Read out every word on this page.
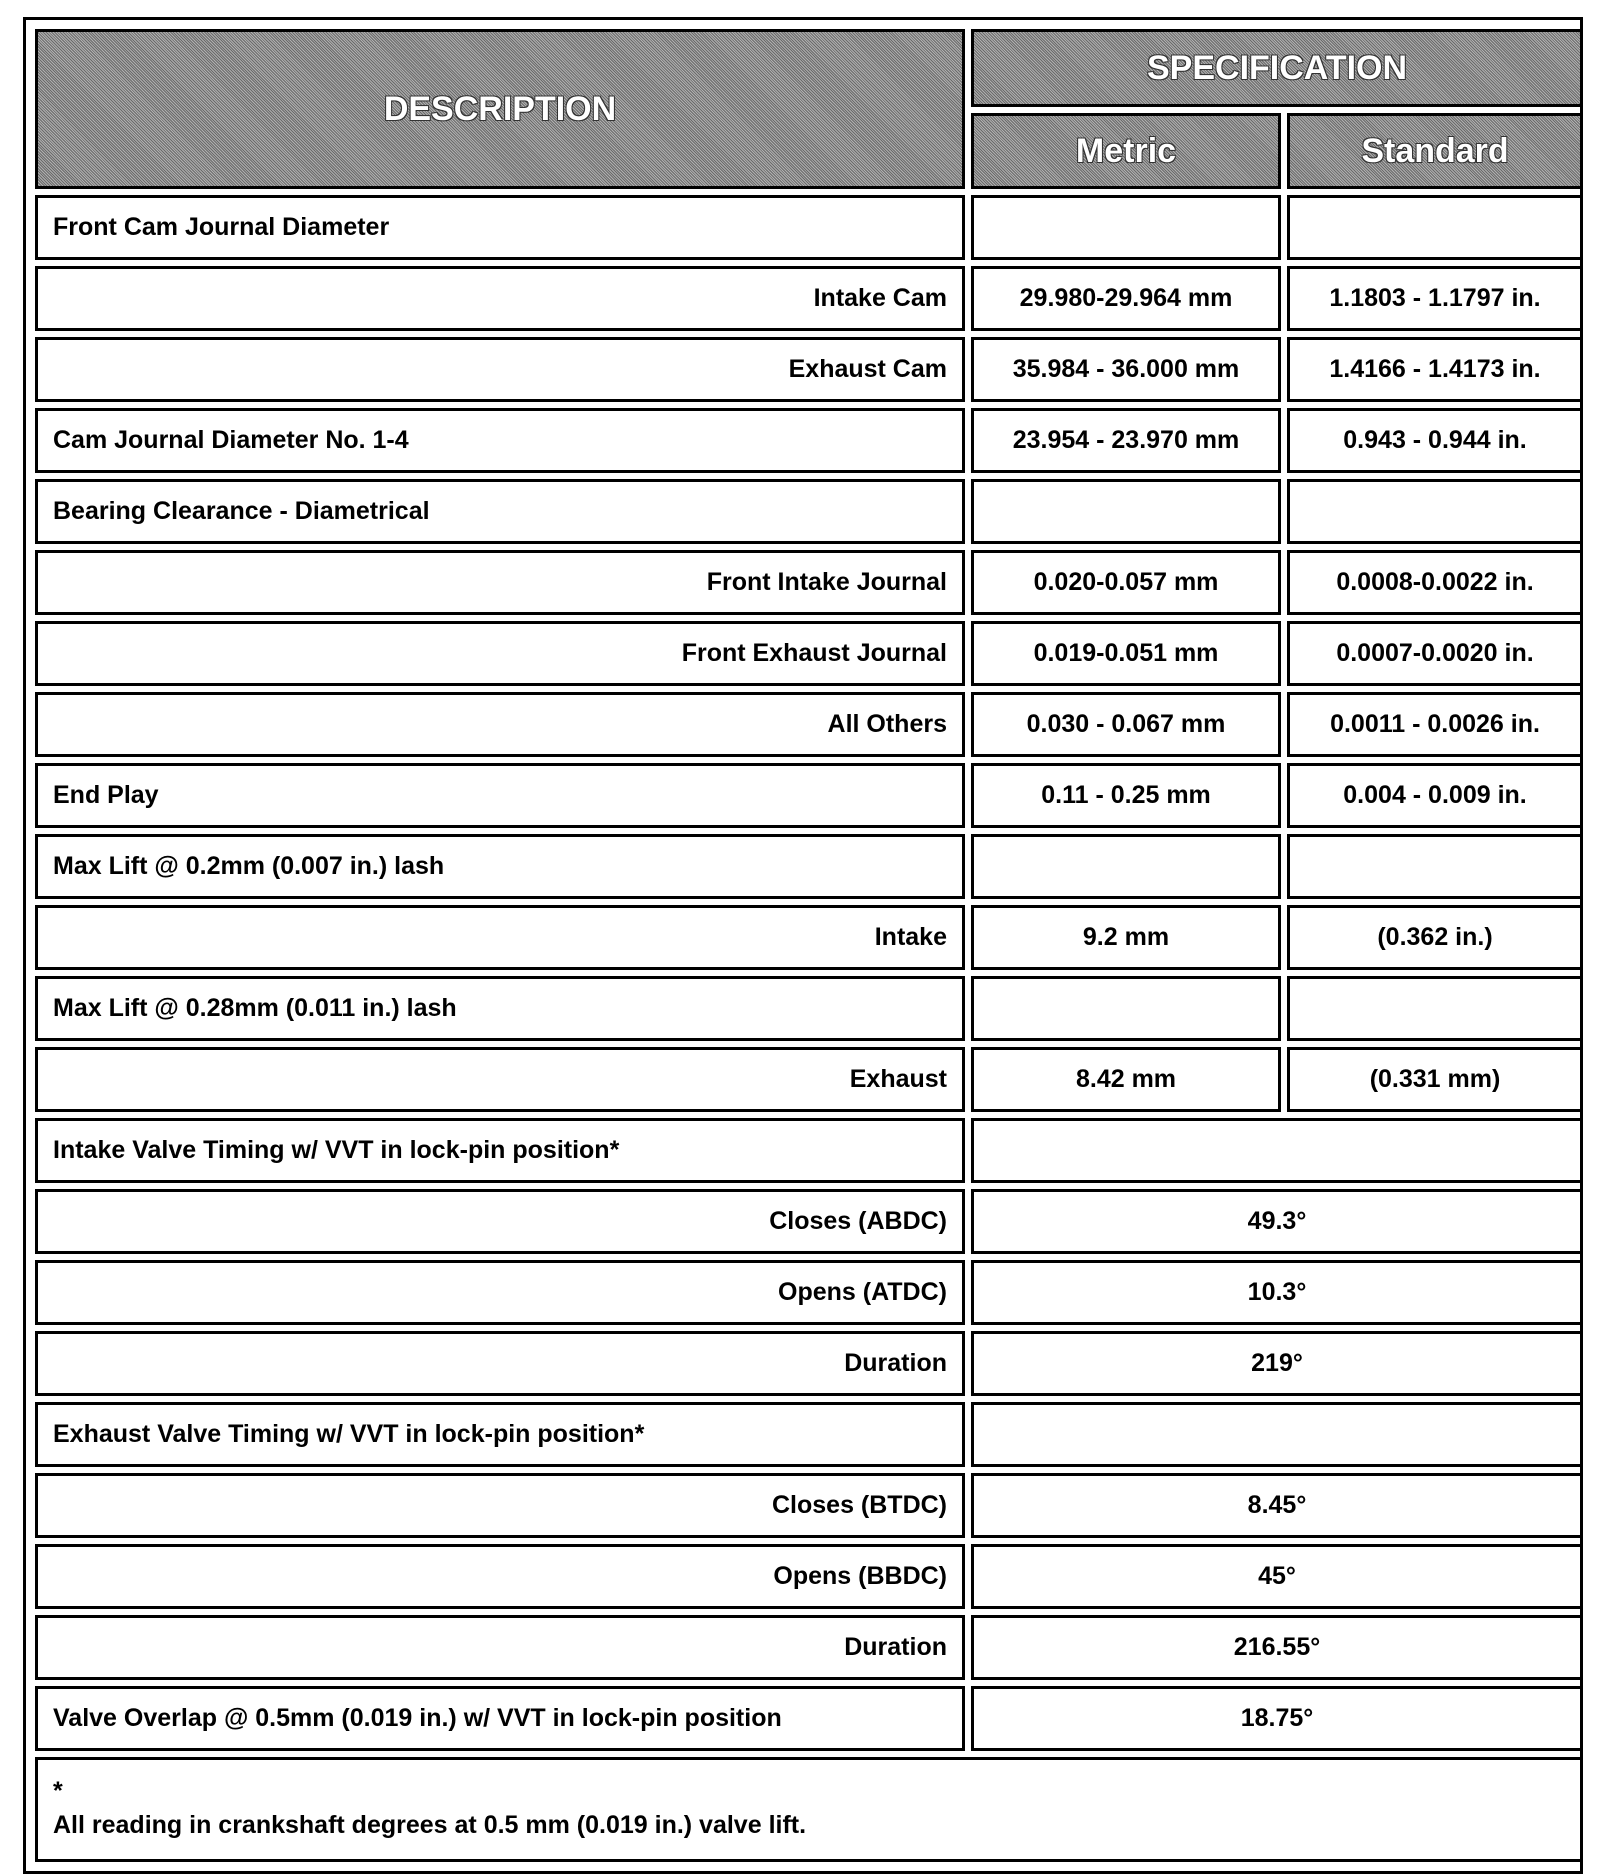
DESCRIPTION	SPECIFICATION	
	Metric	Standard
Front Cam Journal Diameter		
Intake Cam	29.980-29.964 mm	1.1803 - 1.1797 in.
Exhaust Cam	35.984 - 36.000 mm	1.4166 - 1.4173 in.
Cam Journal Diameter No. 1-4	23.954 - 23.970 mm	0.943 - 0.944 in.
Bearing Clearance - Diametrical		
Front Intake Journal	0.020-0.057 mm	0.0008-0.0022 in.
Front Exhaust Journal	0.019-0.051 mm	0.0007-0.0020 in.
All Others	0.030 - 0.067 mm	0.0011 - 0.0026 in.
End Play	0.11 - 0.25 mm	0.004 - 0.009 in.
Max Lift @ 0.2mm (0.007 in.) lash		
Intake	9.2 mm	(0.362 in.)
Max Lift @ 0.28mm (0.011 in.) lash		
Exhaust	8.42 mm	(0.331 mm)
Intake Valve Timing w/ VVT in lock-pin position*		
Closes (ABDC)	49.3°	
Opens (ATDC)	10.3°	
Duration	219°	
Exhaust Valve Timing w/ VVT in lock-pin position*		
Closes (BTDC)	8.45°	
Opens (BBDC)	45°	
Duration	216.55°	
Valve Overlap @ 0.5mm (0.019 in.) w/ VVT in lock-pin position	18.75°	

*
All reading in crankshaft degrees at 0.5 mm (0.019 in.) valve lift.		
